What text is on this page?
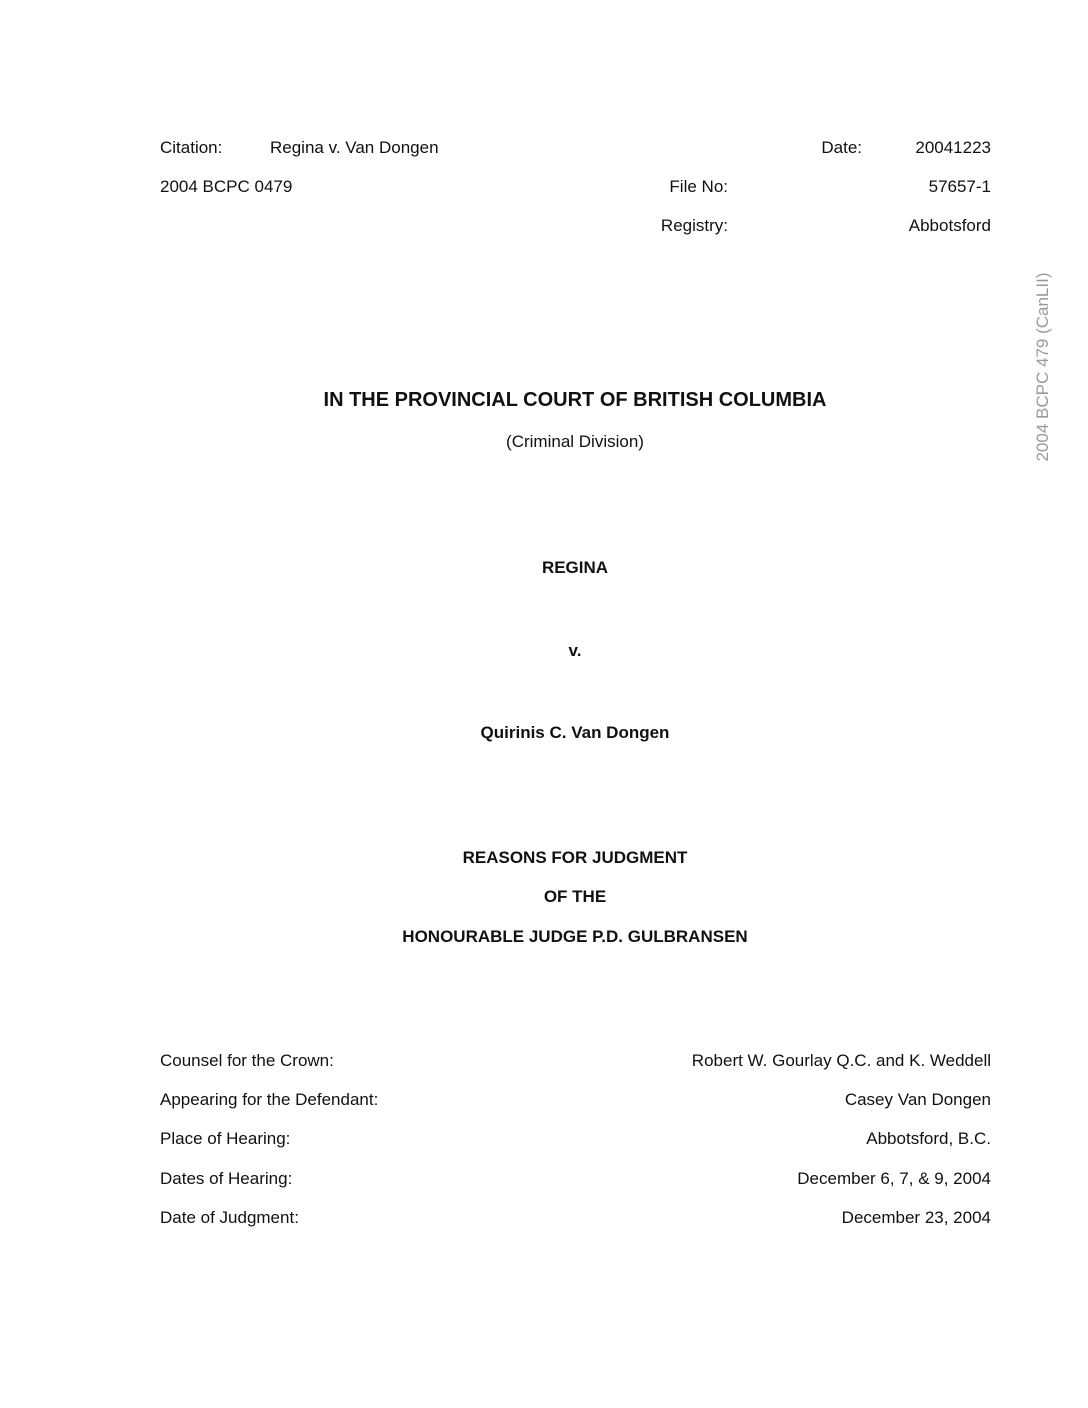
Citation:	Regina v. Van Dongen
2004 BCPC 0479
Date:	20041223
File No:	57657-1
Registry:	Abbotsford
2004 BCPC 479 (CanLII)
IN THE PROVINCIAL COURT OF BRITISH COLUMBIA
(Criminal Division)
REGINA
v.
Quirinis C. Van Dongen
REASONS FOR JUDGMENT
OF THE
HONOURABLE JUDGE P.D. GULBRANSEN
Counsel for the Crown:	Robert W. Gourlay Q.C. and K. Weddell
Appearing for the Defendant:	Casey Van Dongen
Place of Hearing:	Abbotsford, B.C.
Dates of Hearing:	December 6, 7, & 9, 2004
Date of Judgment:	December 23, 2004
